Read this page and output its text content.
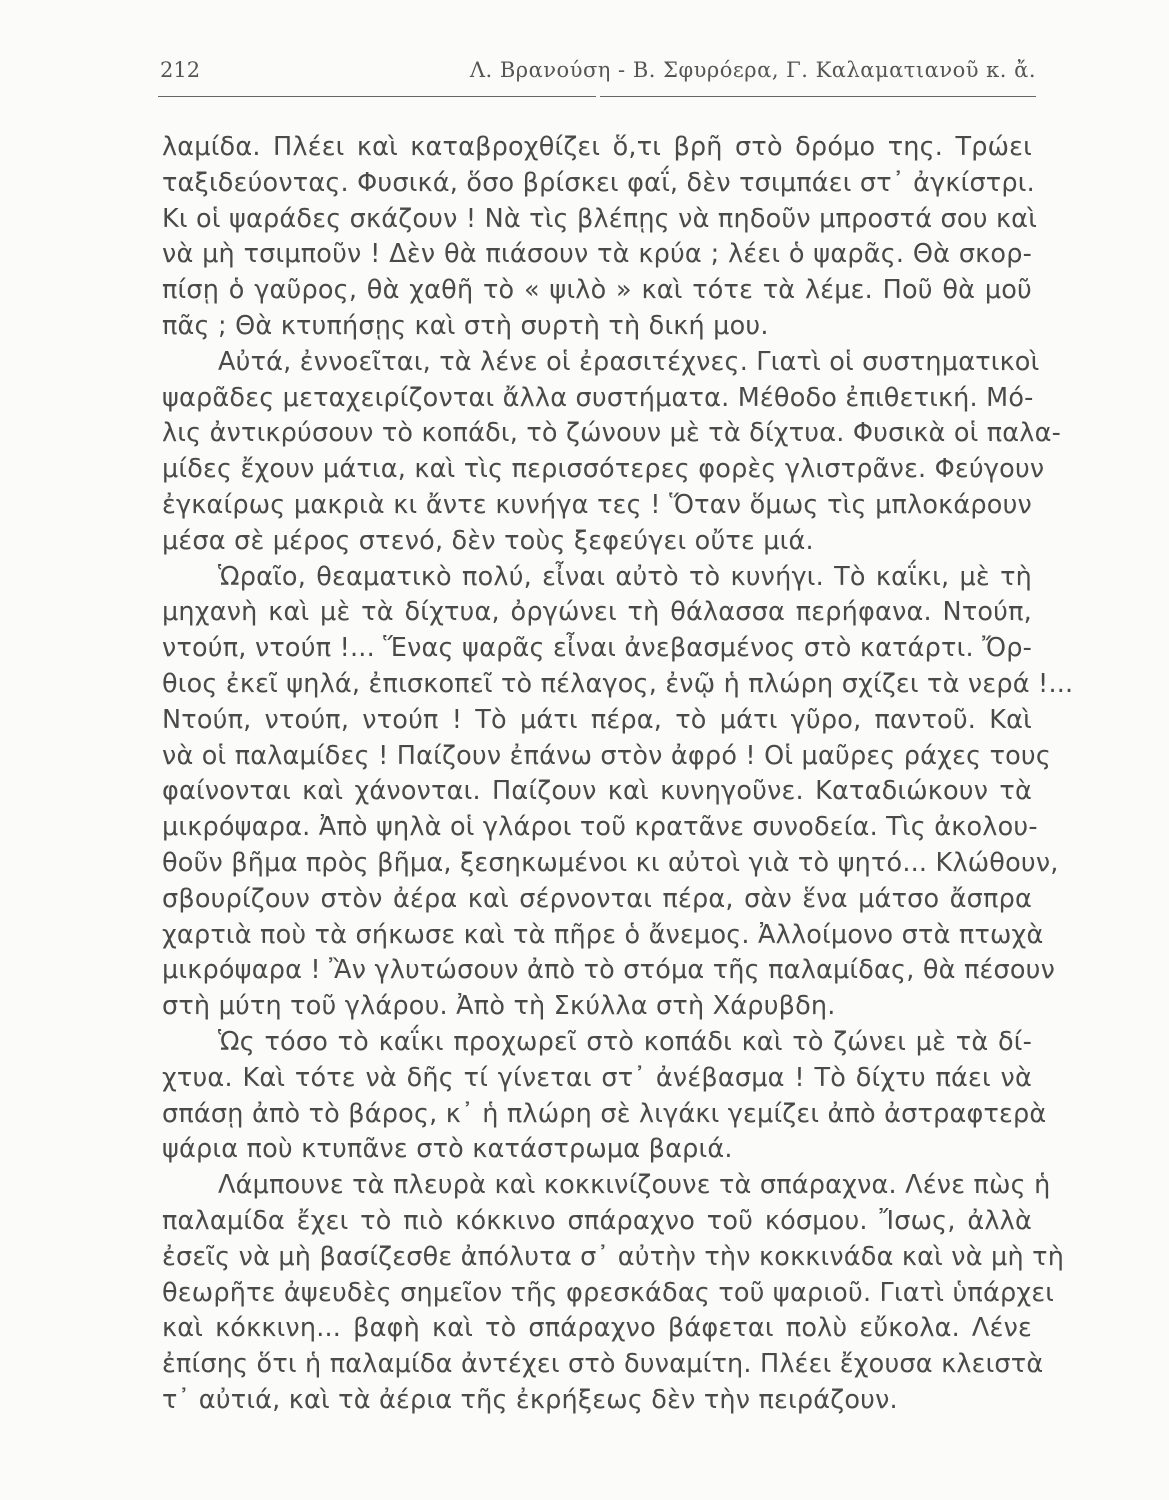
212	Λ. Βρανούση - Β. Σφυρόερα, Γ. Καλαματιανοῦ κ. ἄ.
λαμίδα. Πλέει καὶ καταβροχθίζει ὅ,τι βρῆ στὸ δρόμο της. Τρώει
ταξιδεύοντας. Φυσικά, ὅσο βρίσκει φαΐ, δὲν τσιμπάει στ᾽ ἀγκίστρι.
Κι οἱ ψαράδες σκάζουν ! Νὰ τὶς βλέπῃς νὰ πηδοῦν μπροστά σου καὶ
νὰ μὴ τσιμποῦν ! Δὲν θὰ πιάσουν τὰ κρύα ; λέει ὁ ψαρᾶς. Θὰ σκορ-
πίσῃ ὁ γαῦρος, θὰ χαθῆ τὸ « ψιλὸ » καὶ τότε τὰ λέμε. Ποῦ θὰ μοῦ
πᾶς ; Θὰ κτυπήσῃς καὶ στὴ συρτὴ τὴ δική μου.
Αὐτά, ἐννοεῖται, τὰ λένε οἱ ἐρασιτέχνες. Γιατὶ οἱ συστηματικοὶ
ψαρᾶδες μεταχειρίζονται ἄλλα συστήματα. Μέθοδο ἐπιθετική. Μό-
λις ἀντικρύσουν τὸ κοπάδι, τὸ ζώνουν μὲ τὰ δίχτυα. Φυσικὰ οἱ παλα-
μίδες ἔχουν μάτια, καὶ τὶς περισσότερες φορὲς γλιστρᾶνε. Φεύγουν
ἐγκαίρως μακριὰ κι ἄντε κυνήγα τες ! Ὅταν ὅμως τὶς μπλοκάρουν
μέσα σὲ μέρος στενό, δὲν τοὺς ξεφεύγει οὔτε μιά.
Ὡραῖο, θεαματικὸ πολύ, εἶναι αὐτὸ τὸ κυνήγι. Τὸ καΐκι, μὲ τὴ
μηχανὴ καὶ μὲ τὰ δίχτυα, ὀργώνει τὴ θάλασσα περήφανα. Ντούπ,
ντούπ, ντούπ !... Ἕνας ψαρᾶς εἶναι ἀνεβασμένος στὸ κατάρτι. Ὄρ-
θιος ἐκεῖ ψηλά, ἐπισκοπεῖ τὸ πέλαγος, ἐνῷ ἡ πλώρη σχίζει τὰ νερά !...
Ντούπ, ντούπ, ντούπ ! Τὸ μάτι πέρα, τὸ μάτι γῦρο, παντοῦ. Καὶ
νὰ οἱ παλαμίδες ! Παίζουν ἐπάνω στὸν ἀφρό ! Οἱ μαῦρες ράχες τους
φαίνονται καὶ χάνονται. Παίζουν καὶ κυνηγοῦνε. Καταδιώκουν τὰ
μικρόψαρα. Ἀπὸ ψηλὰ οἱ γλάροι τοῦ κρατᾶνε συνοδεία. Τὶς ἀκολου-
θοῦν βῆμα πρὸς βῆμα, ξεσηκωμένοι κι αὐτοὶ γιὰ τὸ ψητό... Κλώθουν,
σβουρίζουν στὸν ἀέρα καὶ σέρνονται πέρα, σὰν ἕνα μάτσο ἄσπρα
χαρτιὰ ποὺ τὰ σήκωσε καὶ τὰ πῆρε ὁ ἄνεμος. Ἀλλοίμονο στὰ πτωχὰ
μικρόψαρα ! Ἂν γλυτώσουν ἀπὸ τὸ στόμα τῆς παλαμίδας, θὰ πέσουν
στὴ μύτη τοῦ γλάρου. Ἀπὸ τὴ Σκύλλα στὴ Χάρυβδη.
Ὡς τόσο τὸ καΐκι προχωρεῖ στὸ κοπάδι καὶ τὸ ζώνει μὲ τὰ δί-
χτυα. Καὶ τότε νὰ δῆς τί γίνεται στ᾽ ἀνέβασμα ! Τὸ δίχτυ πάει νὰ
σπάσῃ ἀπὸ τὸ βάρος, κ᾽ ἡ πλώρη σὲ λιγάκι γεμίζει ἀπὸ ἀστραφτερὰ
ψάρια ποὺ κτυπᾶνε στὸ κατάστρωμα βαριά.
Λάμπουνε τὰ πλευρὰ καὶ κοκκινίζουνε τὰ σπάραχνα. Λένε πὼς ἡ
παλαμίδα ἔχει τὸ πιὸ κόκκινο σπάραχνο τοῦ κόσμου. Ἴσως, ἀλλὰ
ἐσεῖς νὰ μὴ βασίζεσθε ἀπόλυτα σ᾽ αὐτὴν τὴν κοκκινάδα καὶ νὰ μὴ τὴ
θεωρῆτε ἀψευδὲς σημεῖον τῆς φρεσκάδας τοῦ ψαριοῦ. Γιατὶ ὑπάρχει
καὶ κόκκινη... βαφὴ καὶ τὸ σπάραχνο βάφεται πολὺ εὔκολα. Λένε
ἐπίσης ὅτι ἡ παλαμίδα ἀντέχει στὸ δυναμίτη. Πλέει ἔχουσα κλειστὰ
τ᾽ αὐτιά, καὶ τὰ ἀέρια τῆς ἐκρήξεως δὲν τὴν πειράζουν.
